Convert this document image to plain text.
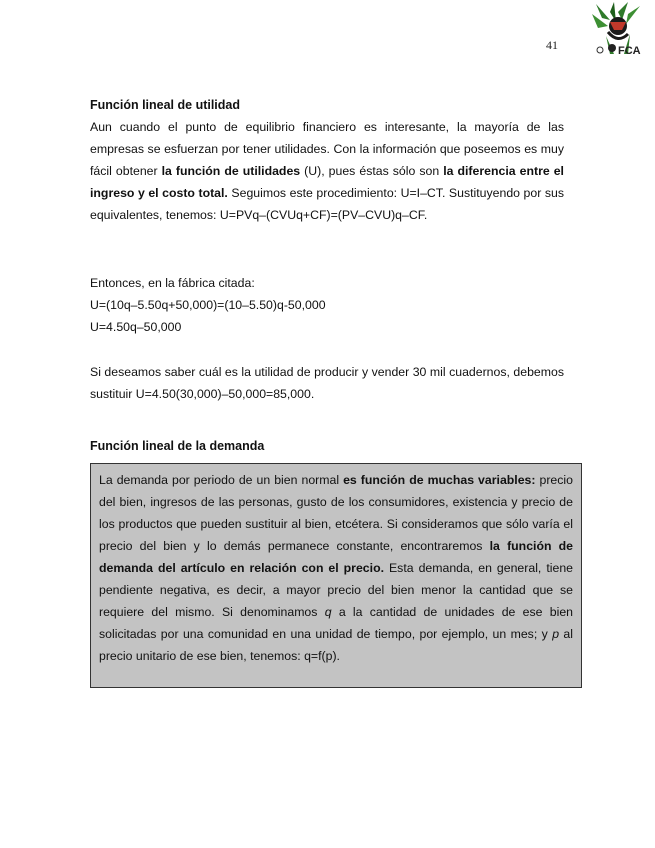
41	FCA

Función lineal de utilidad

Aun cuando el punto de equilibrio financiero es interesante, la mayoría de las empresas se esfuerzan por tener utilidades. Con la información que poseemos es muy fácil obtener la función de utilidades (U), pues éstas sólo son la diferencia entre el ingreso y el costo total. Seguimos este procedimiento: U=I–CT. Sustituyendo por sus equivalentes, tenemos: U=PVq–(CVUq+CF)=(PV–CVU)q–CF.

Entonces, en la fábrica citada:

U=(10q–5.50q+50,000)=(10–5.50)q-50,000

U=4.50q–50,000

Si deseamos saber cuál es la utilidad de producir y vender 30 mil cuadernos, debemos sustituir U=4.50(30,000)–50,000=85,000.

Función lineal de la demanda

La demanda por periodo de un bien normal es función de muchas variables: precio del bien, ingresos de las personas, gusto de los consumidores, existencia y precio de los productos que pueden sustituir al bien, etcétera. Si consideramos que sólo varía el precio del bien y lo demás permanece constante, encontraremos la función de demanda del artículo en relación con el precio. Esta demanda, en general, tiene pendiente negativa, es decir, a mayor precio del bien menor la cantidad que se requiere del mismo. Si denominamos q a la cantidad de unidades de ese bien solicitadas por una comunidad en una unidad de tiempo, por ejemplo, un mes; y p al precio unitario de ese bien, tenemos: q=f(p).
